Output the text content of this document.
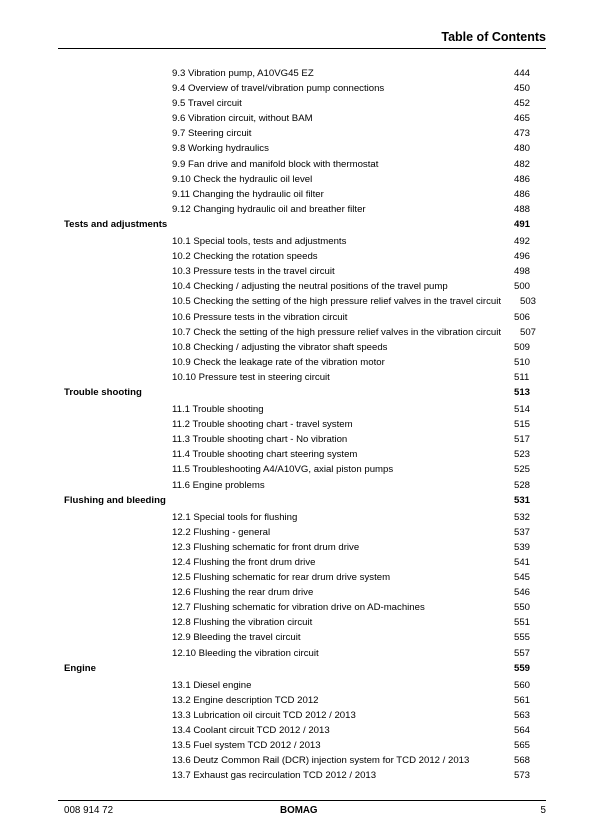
Table of Contents
9.3 Vibration pump, A10VG45 EZ	444
9.4 Overview of travel/vibration pump connections	450
9.5 Travel circuit	452
9.6 Vibration circuit, without BAM	465
9.7 Steering circuit	473
9.8 Working hydraulics	480
9.9 Fan drive and manifold block with thermostat	482
9.10 Check the hydraulic oil level	486
9.11 Changing the hydraulic oil filter	486
9.12 Changing hydraulic oil and breather filter	488
Tests and adjustments	491
10.1 Special tools, tests and adjustments	492
10.2 Checking the rotation speeds	496
10.3 Pressure tests in the travel circuit	498
10.4 Checking / adjusting the neutral positions of the travel pump	500
10.5 Checking the setting of the high pressure relief valves in the travel circuit 503
10.6 Pressure tests in the vibration circuit	506
10.7 Check the setting of the high pressure relief valves in the vibration circuit 507
10.8 Checking / adjusting the vibrator shaft speeds	509
10.9 Check the leakage rate of the vibration motor	510
10.10 Pressure test in steering circuit	511
Trouble shooting	513
11.1 Trouble shooting	514
11.2 Trouble shooting chart - travel system	515
11.3 Trouble shooting chart - No vibration	517
11.4 Trouble shooting chart steering system	523
11.5 Troubleshooting A4/A10VG, axial piston pumps	525
11.6 Engine problems	528
Flushing and bleeding	531
12.1 Special tools for flushing	532
12.2 Flushing - general	537
12.3 Flushing schematic for front drum drive	539
12.4 Flushing the front drum drive	541
12.5 Flushing schematic for rear drum drive system	545
12.6 Flushing the rear drum drive	546
12.7 Flushing schematic for vibration drive on AD-machines	550
12.8 Flushing the vibration circuit	551
12.9 Bleeding the travel circuit	555
12.10 Bleeding the vibration circuit	557
Engine	559
13.1 Diesel engine	560
13.2 Engine description TCD 2012	561
13.3 Lubrication oil circuit TCD 2012 / 2013	563
13.4 Coolant circuit TCD 2012 / 2013	564
13.5 Fuel system TCD 2012 / 2013	565
13.6 Deutz Common Rail (DCR) injection system for TCD 2012 / 2013	568
13.7 Exhaust gas recirculation TCD 2012 / 2013	573
008 914 72	BOMAG	5
